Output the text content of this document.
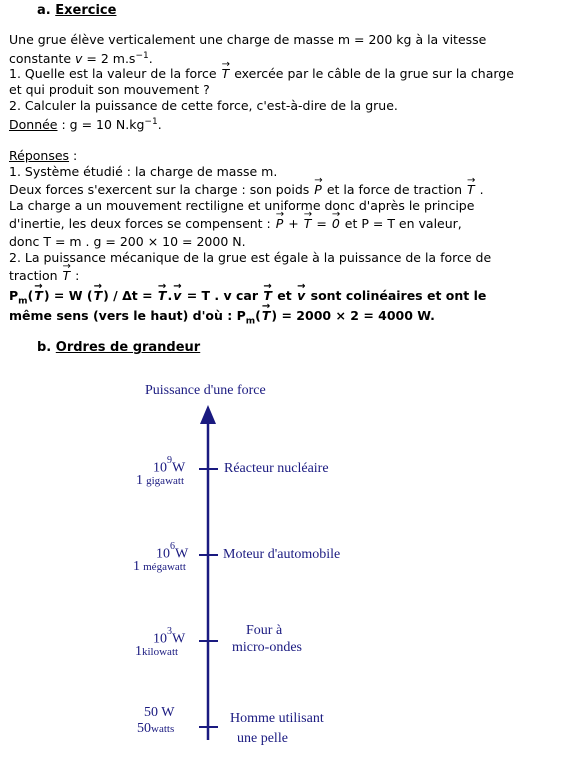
a. Exercice
Une grue élève verticalement une charge de masse m = 200 kg à la vitesse
constante v = 2 $m.s^{-1}$.
1. Quelle est la valeur de la force → T exercée par le câble de la grue sur la charge
et qui produit son mouvement ?
2. Calculer la puissance de cette force, c'est-à-dire de la grue.
Donnée : g = 10 $N.kg^{-1}$.
Réponses :
1. Système étudié : la charge de masse m.
Deux forces s'exercent sur la charge : son poids → P et la force de traction → T .
La charge a un mouvement rectiligne et uniforme donc d'après le principe
d'inertie, les deux forces se compensent : → P + → T = → 0 et P = T en valeur,
donc T = m . g = 200 × 10 = 2000 N.
2. La puissance mécanique de la grue est égale à la puissance de la force de
traction → T :
$P_m(\to T) = W$ (→ T) / Δt = → T.→ v = T . v car → T et → v sont colinéaires et ont le
même sens (vers le haut) d'où : $P_m(\to T) = 2000 \times 2 = 4000$ W.
b. Ordres de grandeur
Puissance d'une force
$10^9W$
1 gigawatt
Réacteur nucléaire
$10^6W$
1 mégawatt
Moteur d'automobile
$10^3W$
1kilowatt
Four à
micro-ondes
50 W
50watts
Homme utilisant
une pelle
